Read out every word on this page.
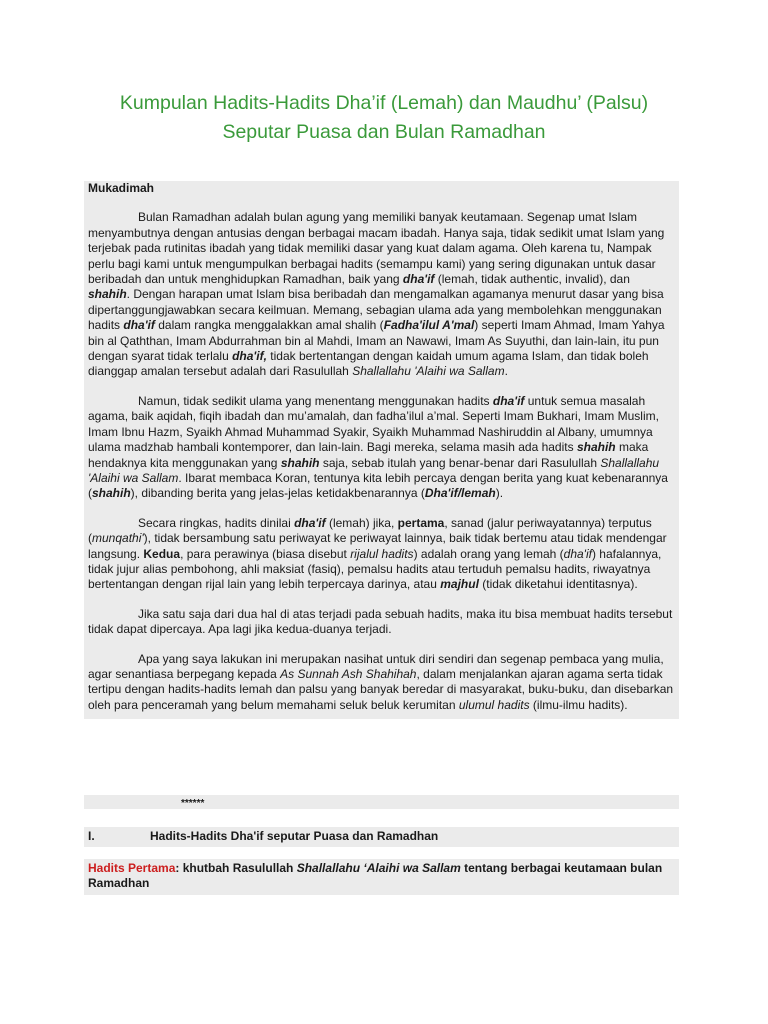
Kumpulan Hadits-Hadits Dha’if (Lemah) dan Maudhu’ (Palsu)
Seputar Puasa dan Bulan Ramadhan
Mukadimah

Bulan Ramadhan adalah bulan agung yang memiliki banyak keutamaan. Segenap umat Islam menyambutnya dengan antusias dengan berbagai macam ibadah. Hanya saja, tidak sedikit umat Islam yang terjebak pada rutinitas ibadah yang tidak memiliki dasar yang kuat dalam agama. Oleh karena tu, Nampak perlu bagi kami untuk mengumpulkan berbagai hadits (semampu kami) yang sering digunakan untuk dasar beribadah dan untuk menghidupkan Ramadhan, baik yang dha'if (lemah, tidak authentic, invalid), dan shahih. Dengan harapan umat Islam bisa beribadah dan mengamalkan agamanya menurut dasar yang bisa dipertanggungjawabkan secara keilmuan. Memang, sebagian ulama ada yang membolehkan menggunakan hadits dha'if dalam rangka menggalakkan amal shalih (Fadha'ilul A'mal) seperti Imam Ahmad, Imam Yahya bin al Qaththan, Imam Abdurrahman bin al Mahdi, Imam an Nawawi, Imam As Suyuthi, dan lain-lain, itu pun dengan syarat tidak terlalu dha'if, tidak bertentangan dengan kaidah umum agama Islam, dan tidak boleh dianggap amalan tersebut adalah dari Rasulullah Shallallahu 'Alaihi wa Sallam.

Namun, tidak sedikit ulama yang menentang menggunakan hadits dha'if untuk semua masalah agama, baik aqidah, fiqih ibadah dan mu’amalah, dan fadha’ilul a’mal. Seperti Imam Bukhari, Imam Muslim, Imam Ibnu Hazm, Syaikh Ahmad Muhammad Syakir, Syaikh Muhammad Nashiruddin al Albany, umumnya ulama madzhab hambali kontemporer, dan lain-lain. Bagi mereka, selama masih ada hadits shahih maka hendaknya kita menggunakan yang shahih saja, sebab itulah yang benar-benar dari Rasulullah Shallallahu 'Alaihi wa Sallam. Ibarat membaca Koran, tentunya kita lebih percaya dengan berita yang kuat kebenarannya (shahih), dibanding berita yang jelas-jelas ketidakbenarannya (Dha'if/lemah).

Secara ringkas, hadits dinilai dha'if (lemah) jika, pertama, sanad (jalur periwayatannya) terputus (munqathi'), tidak bersambung satu periwayat ke periwayat lainnya, baik tidak bertemu atau tidak mendengar langsung. Kedua, para perawinya (biasa disebut rijalul hadits) adalah orang yang lemah (dha'if) hafalannya, tidak jujur alias pembohong, ahli maksiat (fasiq), pemalsu hadits atau tertuduh pemalsu hadits, riwayatnya bertentangan dengan rijal lain yang lebih terpercaya darinya, atau majhul (tidak diketahui identitasnya).

Jika satu saja dari dua hal di atas terjadi pada sebuah hadits, maka itu bisa membuat hadits tersebut tidak dapat dipercaya. Apa lagi jika kedua-duanya terjadi.

Apa yang saya lakukan ini merupakan nasihat untuk diri sendiri dan segenap pembaca yang mulia, agar senantiasa berpegang kepada As Sunnah Ash Shahihah, dalam menjalankan ajaran agama serta tidak tertipu dengan hadits-hadits lemah dan palsu yang banyak beredar di masyarakat, buku-buku, dan disebarkan oleh para penceramah yang belum memahami seluk beluk kerumitan ulumul hadits (ilmu-ilmu hadits).

******
I.	Hadits-Hadits Dha'if seputar Puasa dan Ramadhan

Hadits Pertama: khutbah Rasulullah Shallallahu ‘Alaihi wa Sallam tentang berbagai keutamaan bulan Ramadhan
